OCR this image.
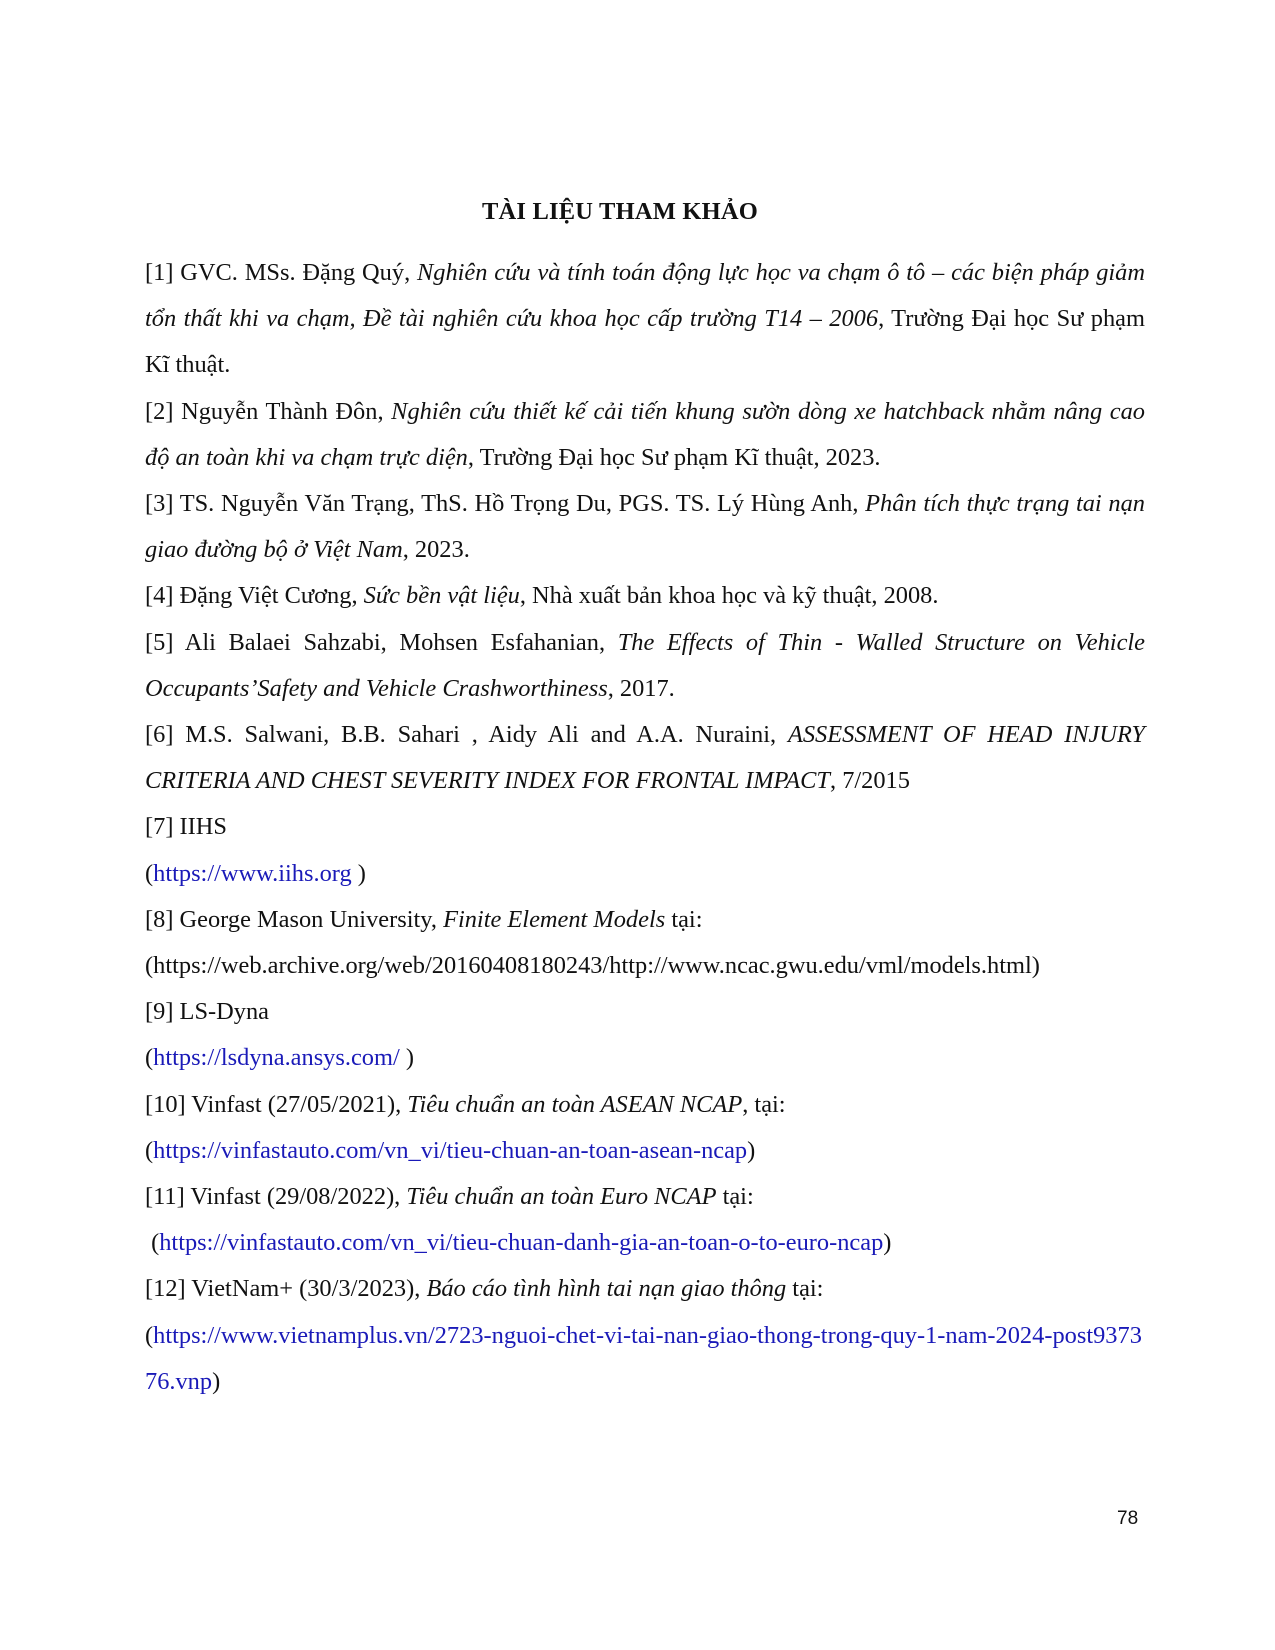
TÀI LIỆU THAM KHẢO

[1] GVC. MSs. Đặng Quý, Nghiên cứu và tính toán động lực học va chạm ô tô – các biện pháp giảm tổn thất khi va chạm, Đề tài nghiên cứu khoa học cấp trường T14 – 2006, Trường Đại học Sư phạm Kĩ thuật.

[2] Nguyễn Thành Đôn, Nghiên cứu thiết kế cải tiến khung sườn dòng xe hatchback nhằm nâng cao độ an toàn khi va chạm trực diện, Trường Đại học Sư phạm Kĩ thuật, 2023.

[3] TS. Nguyễn Văn Trạng, ThS. Hồ Trọng Du, PGS. TS. Lý Hùng Anh, Phân tích thực trạng tai nạn giao đường bộ ở Việt Nam, 2023.

[4] Đặng Việt Cương, Sức bền vật liệu, Nhà xuất bản khoa học và kỹ thuật, 2008.

[5] Ali Balaei Sahzabi, Mohsen Esfahanian, The Effects of Thin - Walled Structure on Vehicle Occupants’Safety and Vehicle Crashworthiness, 2017.

[6] M.S. Salwani, B.B. Sahari , Aidy Ali and A.A. Nuraini, ASSESSMENT OF HEAD INJURY CRITERIA AND CHEST SEVERITY INDEX FOR FRONTAL IMPACT, 7/2015

[7] IIHS

(https://www.iihs.org )

[8] George Mason University, Finite Element Models tại:

(https://web.archive.org/web/20160408180243/http://www.ncac.gwu.edu/vml/models.html)

[9] LS-Dyna

(https://lsdyna.ansys.com/ )

[10] Vinfast (27/05/2021), Tiêu chuẩn an toàn ASEAN NCAP, tại:

(https://vinfastauto.com/vn_vi/tieu-chuan-an-toan-asean-ncap)

[11] Vinfast (29/08/2022), Tiêu chuẩn an toàn Euro NCAP tại:

(https://vinfastauto.com/vn_vi/tieu-chuan-danh-gia-an-toan-o-to-euro-ncap)

[12] VietNam+ (30/3/2023), Báo cáo tình hình tai nạn giao thông tại:

(https://www.vietnamplus.vn/2723-nguoi-chet-vi-tai-nan-giao-thong-trong-quy-1-nam-2024-post937376.vnp)

78
